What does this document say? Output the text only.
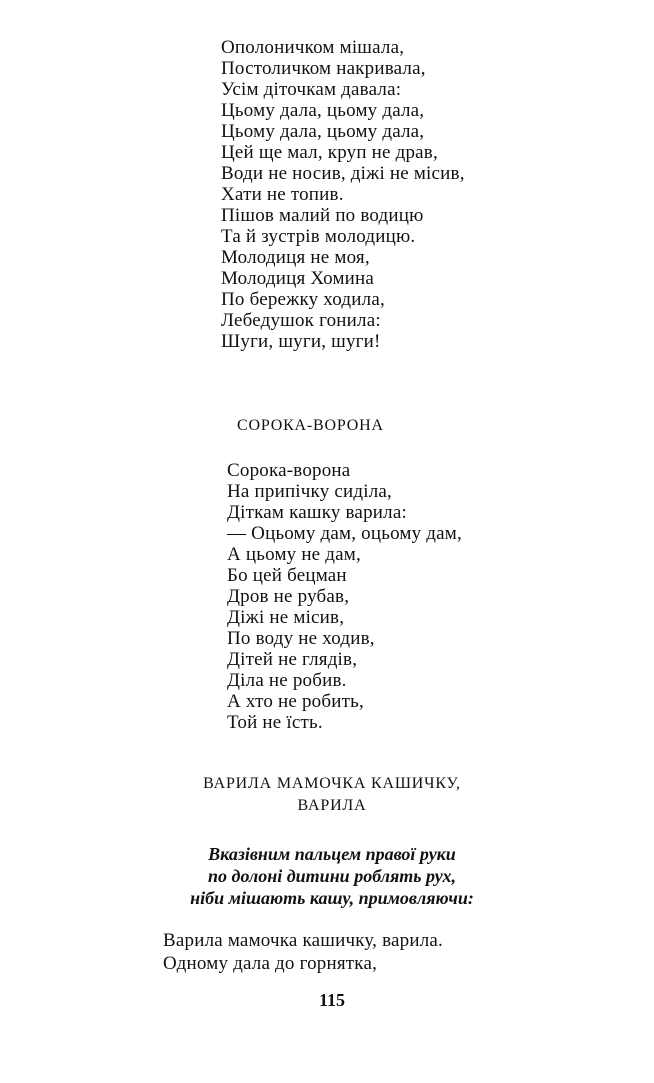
Ополоничком мішала,
Постоличком накривала,
Усім діточкам давала:
Цьому дала, цьому дала,
Цьому дала, цьому дала,
Цей ще мал, круп не драв,
Води не носив, діжі не місив,
Хати не топив.
Пішов малий по водицю
Та й зустрів молодицю.
Молодиця не моя,
Молодиця Хомина
По бережку ходила,
Лебедушок гонила:
Шуги, шуги, шуги!
СОРОКА-ВОРОНА
Сорока-ворона
На припічку сиділа,
Діткам кашку варила:
— Оцьому дам, оцьому дам,
А цьому не дам,
Бо цей бецман
Дров не рубав,
Діжі не місив,
По воду не ходив,
Дітей не глядів,
Діла не робив.
А хто не робить,
Той не їсть.
ВАРИЛА МАМОЧКА КАШИЧКУ,
ВАРИЛА
Вказівним пальцем правої руки
по долоні дитини роблять рух,
ніби мішають кашу, примовляючи:
Варила мамочка кашичку, варила.
Одному дала до горнятка,
115
